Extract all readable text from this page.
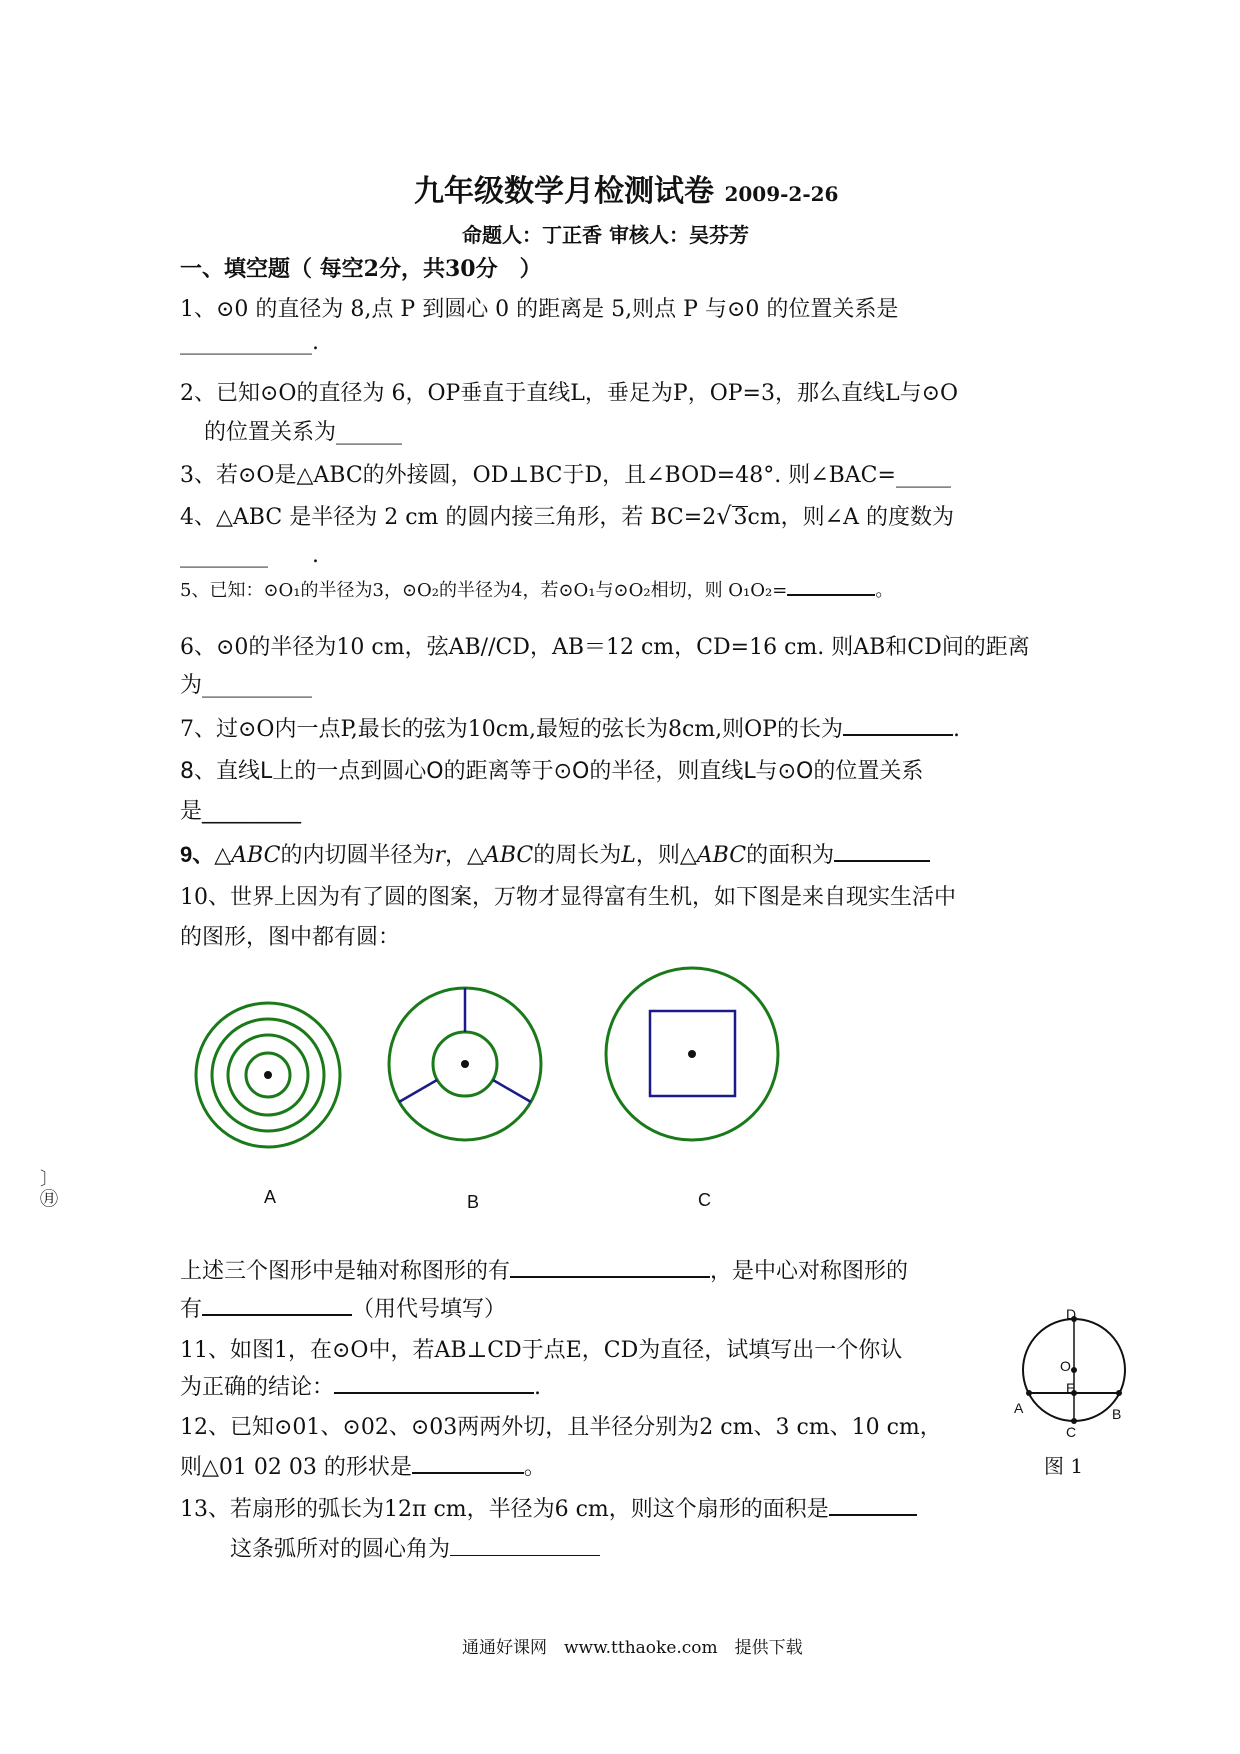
九年级数学月检测试卷 2009-2-26
命题人：丁正香 审核人：吴芬芳
一、填空题（ 每空2分，共30分　）
1、⊙0 的直径为 8,点 P 到圆心 0 的距离是 5,则点 P 与⊙0 的位置关系是
____________.
2、已知⊙O的直径为 6，OP垂直于直线L，垂足为P，OP=3，那么直线L与⊙O
的位置关系为______
3、若⊙O是△ABC的外接圆，OD⊥BC于D，且∠BOD=48°. 则∠BAC=_____
4、△ABC 是半径为 2 cm 的圆内接三角形，若 BC=2√3cm，则∠A 的度数为
________　　.
5、已知：⊙O₁的半径为3，⊙O₂的半径为4，若⊙O₁与⊙O₂相切，则 O₁O₂=	。
6、⊙0的半径为10 cm，弦AB//CD，AB＝12 cm，CD=16 cm. 则AB和CD间的距离
为__________
7、过⊙O内一点P,最长的弦为10cm,最短的弦长为8cm,则OP的长为	.
8、直线L上的一点到圆心O的距离等于⊙O的半径，则直线L与⊙O的位置关系
是_________
9、△ABC的内切圆半径为r，△ABC的周长为L，则△ABC的面积为
10、世界上因为有了圆的图案，万物才显得富有生机，如下图是来自现实生活中
的图形，图中都有圆：
A	B	C
〕
㊊
上述三个图形中是轴对称图形的有	，是中心对称图形的
有	（用代号填写）
11、如图1，在⊙O中，若AB⊥CD于点E，CD为直径，试填写出一个你认
为正确的结论：	.
D
O
E
A	B
C
图 1
12、已知⊙01、⊙02、⊙03两两外切，且半径分别为2 cm、3 cm、10 cm，
则△01 02 03 的形状是	。
13、若扇形的弧长为12π cm，半径为6 cm，则这个扇形的面积是
这条弧所对的圆心角为
通通好课网　www.tthaoke.com　提供下载
